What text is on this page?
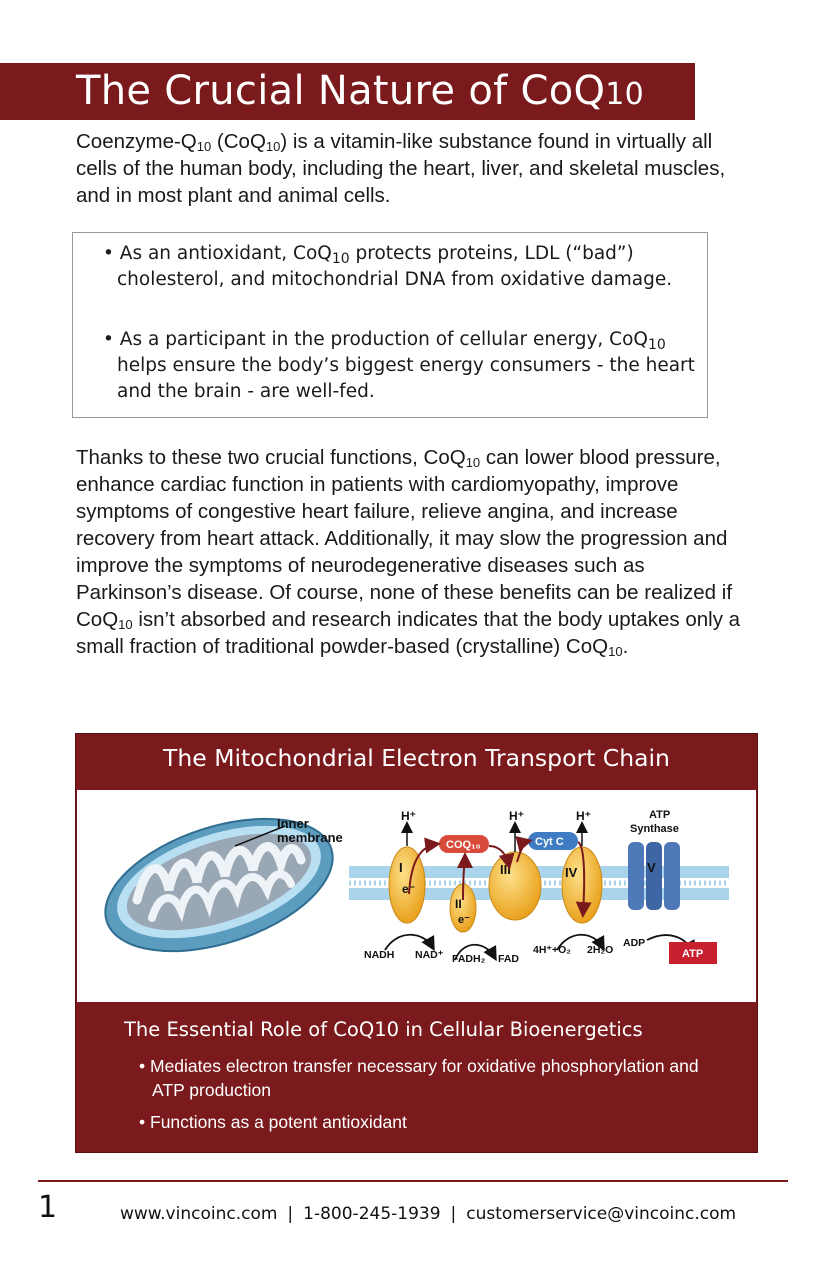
The Crucial Nature of CoQ10
Coenzyme-$Q_{10}$ (CoQ$_{10}$) is a vitamin-like substance found in virtually all cells of the human body, including the heart, liver, and skeletal muscles, and in most plant and animal cells.
• As an antioxidant, CoQ$_{10}$ protects proteins, LDL (“bad”) cholesterol, and mitochondrial DNA from oxidative damage.
• As a participant in the production of cellular energy, CoQ$_{10}$ helps ensure the body’s biggest energy consumers - the heart and the brain - are well-fed.
Thanks to these two crucial functions, CoQ$_{10}$ can lower blood pressure, enhance cardiac function in patients with cardiomyopathy, improve symptoms of congestive heart failure, relieve angina, and increase recovery from heart attack. Additionally, it may slow the progression and improve the symptoms of neurodegenerative diseases such as Parkinson’s disease. Of course, none of these benefits can be realized if CoQ$_{10}$ isn’t absorbed and research indicates that the body uptakes only a small fraction of traditional powder-based (crystalline) CoQ$_{10}$.
The Mitochondrial Electron Transport Chain
Inner
membrane
I
e⁻
II
e⁻
III	IV	V
ATP
Synthase
COQ₁₀	Cyt C
H⁺	H⁺	H⁺
NADH NAD⁺ FADH₂ FAD
4H⁺+O₂ 2H₂O
ADP
ATP
The Essential Role of CoQ10 in Cellular Bioenergetics
• Mediates electron transfer necessary for oxidative phosphorylation and ATP production
• Functions as a potent antioxidant
1	www.vincoinc.com | 1-800-245-1939 | customerservice@vincoinc.com
